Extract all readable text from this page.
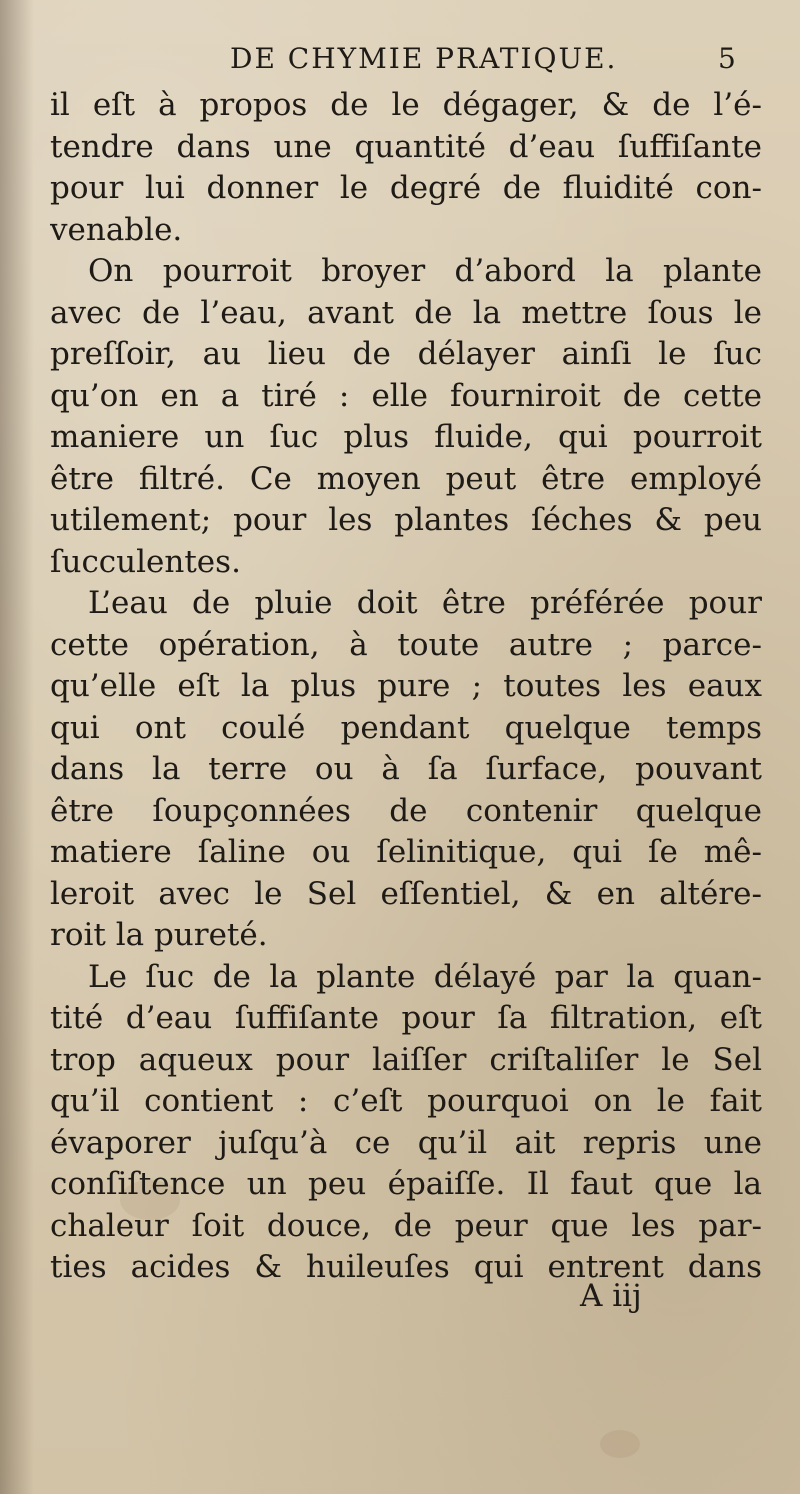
DE CHYMIE PRATIQUE.	5
il eſt à propos de le dégager, & de l’é-
tendre dans une quantité d’eau ſuffiſante
pour lui donner le degré de fluidité con-
venable.
On pourroit broyer d’abord la plante
avec de l’eau, avant de la mettre ſous le
preſſoir, au lieu de délayer ainſi le ſuc
qu’on en a tiré : elle fourniroit de cette
maniere un ſuc plus fluide, qui pourroit
être filtré. Ce moyen peut être employé
utilement; pour les plantes ſéches & peu
ſucculentes.
L’eau de pluie doit être préférée pour
cette opération, à toute autre ; parce-
qu’elle eſt la plus pure ; toutes les eaux
qui ont coulé pendant quelque temps
dans la terre ou à ſa ſurface, pouvant
être ſoupçonnées de contenir quelque
matiere ſaline ou ſelinitique, qui ſe mê-
leroit avec le Sel eſſentiel, & en altére-
roit la pureté.
Le ſuc de la plante délayé par la quan-
tité d’eau ſuffiſante pour ſa filtration, eſt
trop aqueux pour laiſſer criſtaliſer le Sel
qu’il contient : c’eſt pourquoi on le fait
évaporer juſqu’à ce qu’il ait repris une
conſiſtence un peu épaiſſe. Il faut que la
chaleur ſoit douce, de peur que les par-
ties acides & huileuſes qui entrent dans
A iij
